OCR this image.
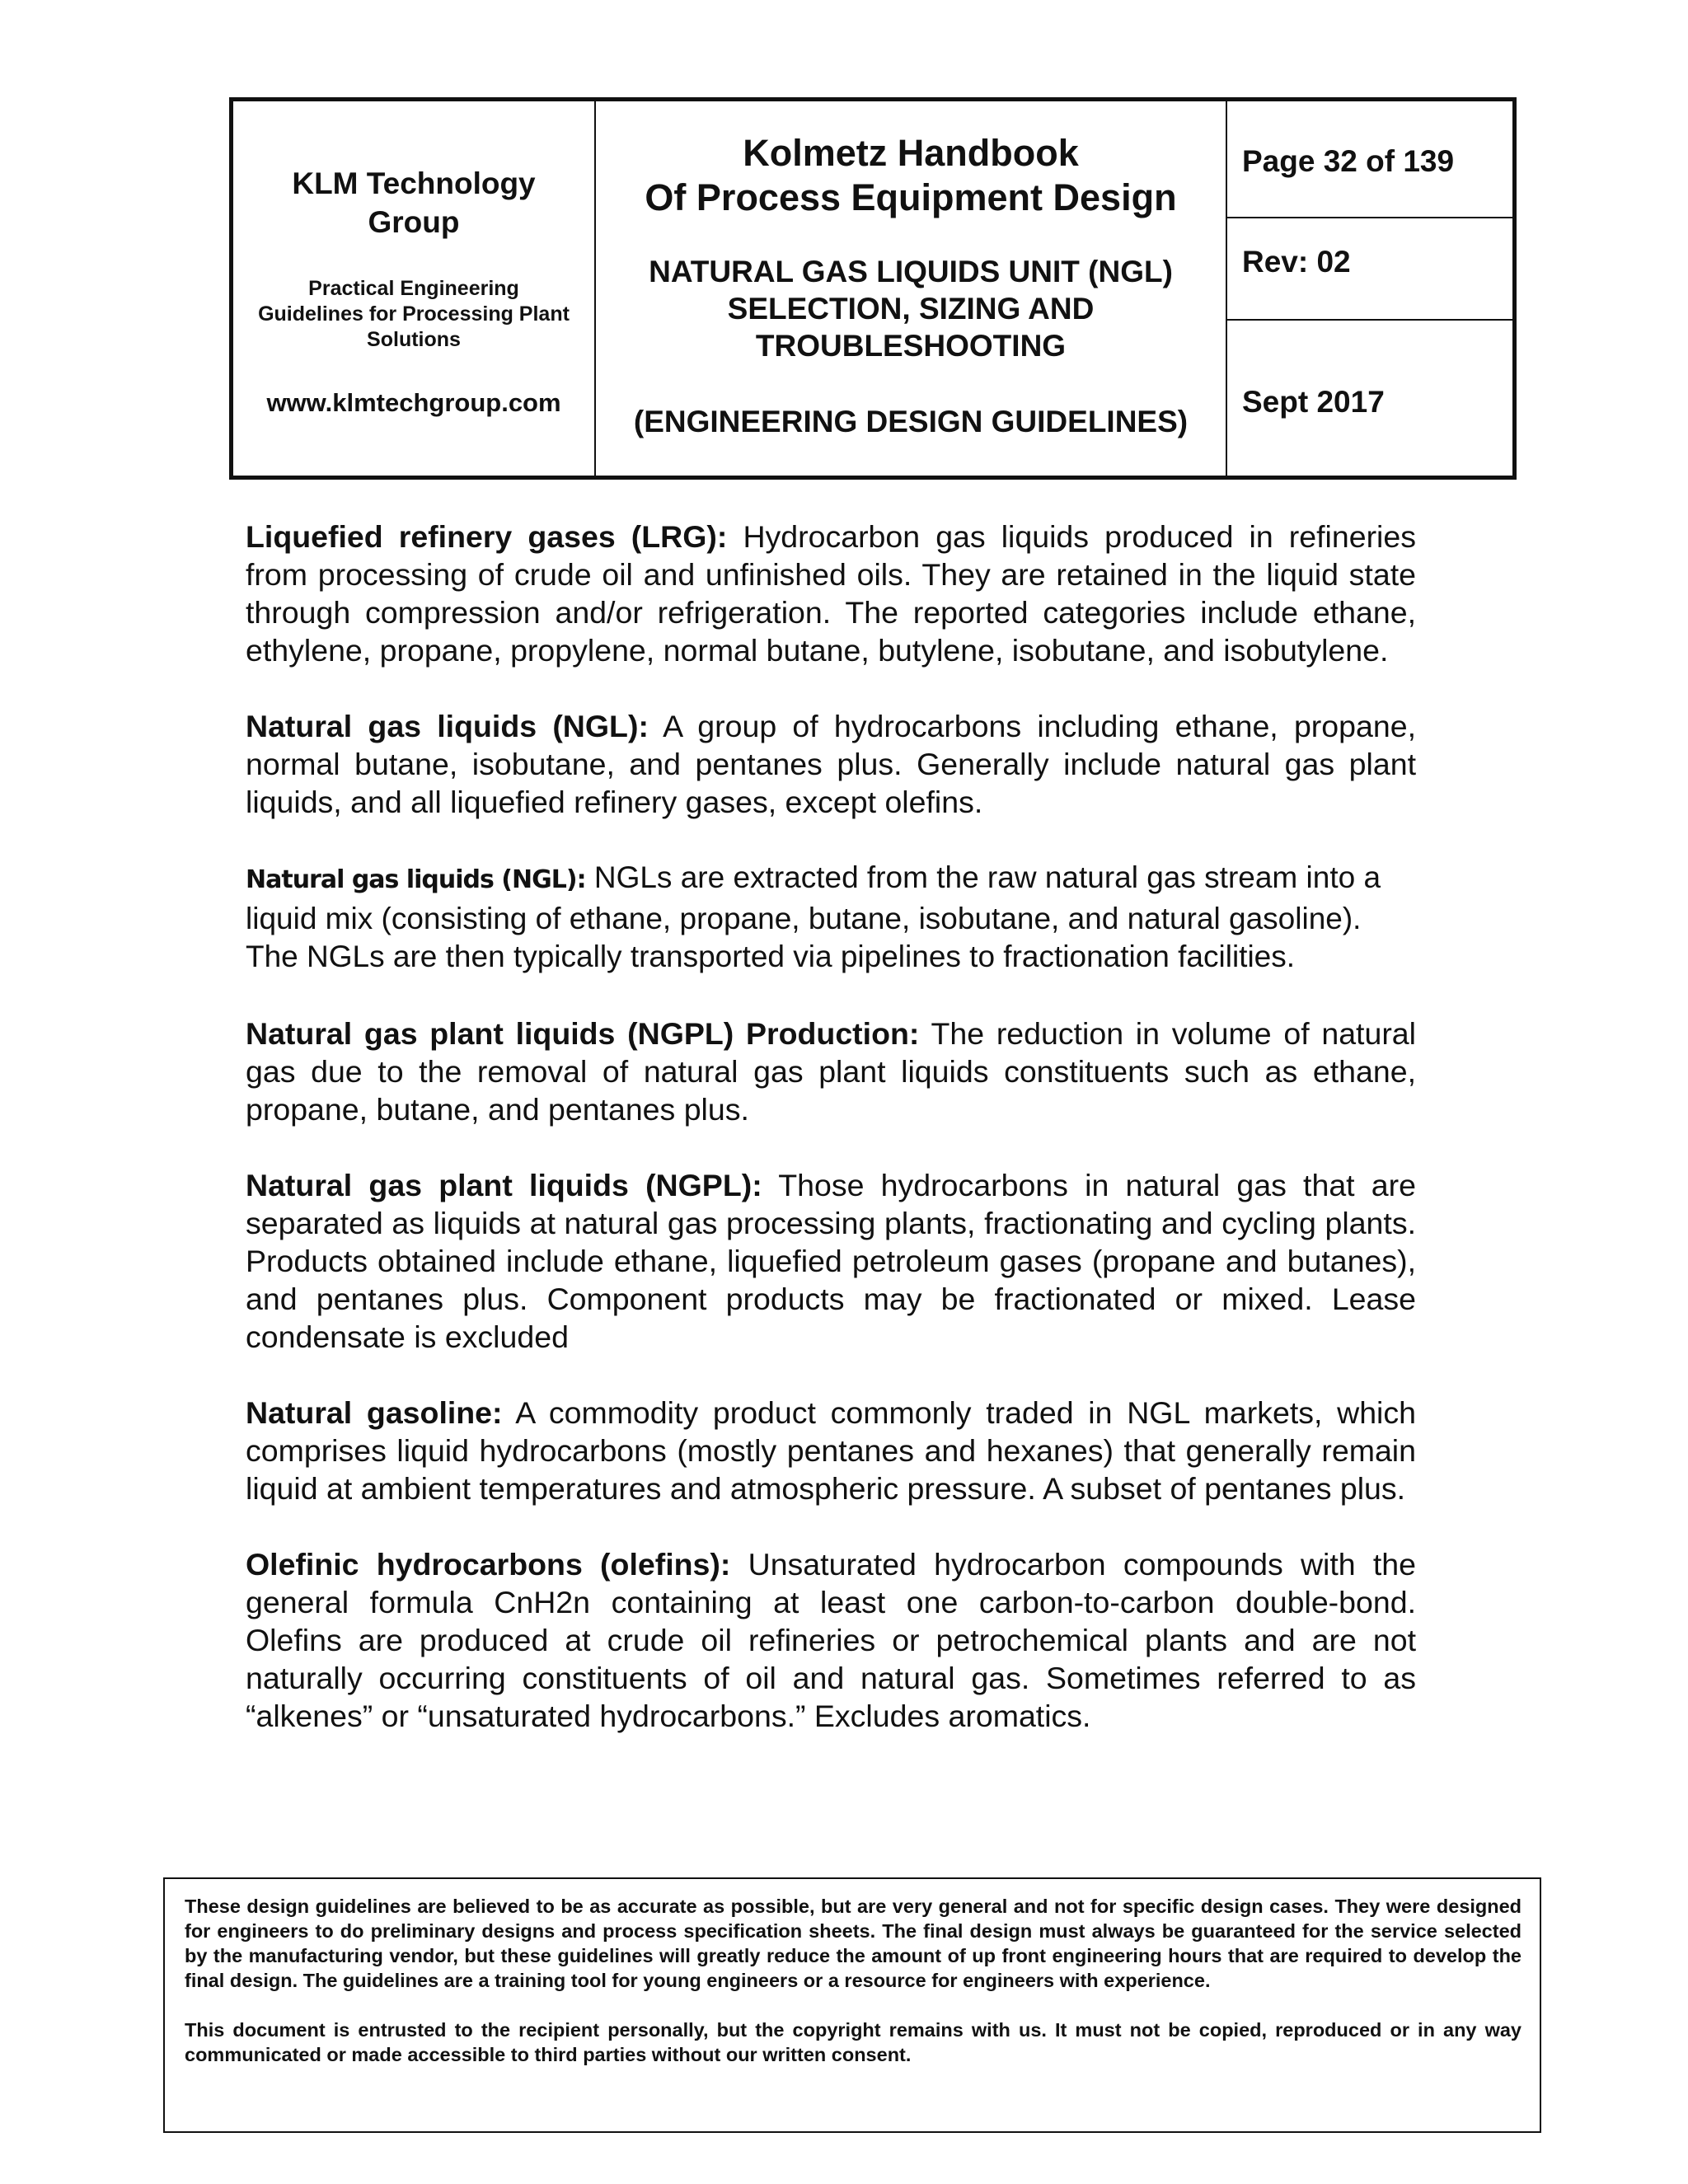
KLM Technology
Group
Practical Engineering
Guidelines for Processing Plant
Solutions
www.klmtechgroup.com
Kolmetz Handbook
Of Process Equipment Design
NATURAL GAS LIQUIDS UNIT (NGL)
SELECTION, SIZING AND
TROUBLESHOOTING
(ENGINEERING DESIGN GUIDELINES)
Page 32 of 139
Rev: 02
Sept 2017

Liquefied refinery gases (LRG): Hydrocarbon gas liquids produced in refineries from processing of crude oil and unfinished oils. They are retained in the liquid state through compression and/or refrigeration. The reported categories include ethane, ethylene, propane, propylene, normal butane, butylene, isobutane, and isobutylene.

Natural gas liquids (NGL): A group of hydrocarbons including ethane, propane, normal butane, isobutane, and pentanes plus. Generally include natural gas plant liquids, and all liquefied refinery gases, except olefins.

Natural gas liquids (NGL): NGLs are extracted from the raw natural gas stream into a liquid mix (consisting of ethane, propane, butane, isobutane, and natural gasoline). The NGLs are then typically transported via pipelines to fractionation facilities.

Natural gas plant liquids (NGPL) Production: The reduction in volume of natural gas due to the removal of natural gas plant liquids constituents such as ethane, propane, butane, and pentanes plus.

Natural gas plant liquids (NGPL): Those hydrocarbons in natural gas that are separated as liquids at natural gas processing plants, fractionating and cycling plants. Products obtained include ethane, liquefied petroleum gases (propane and butanes), and pentanes plus. Component products may be fractionated or mixed. Lease condensate is excluded

Natural gasoline: A commodity product commonly traded in NGL markets, which comprises liquid hydrocarbons (mostly pentanes and hexanes) that generally remain liquid at ambient temperatures and atmospheric pressure. A subset of pentanes plus.

Olefinic hydrocarbons (olefins): Unsaturated hydrocarbon compounds with the general formula CnH2n containing at least one carbon-to-carbon double-bond. Olefins are produced at crude oil refineries or petrochemical plants and are not naturally occurring constituents of oil and natural gas. Sometimes referred to as “alkenes” or “unsaturated hydrocarbons.” Excludes aromatics.

These design guidelines are believed to be as accurate as possible, but are very general and not for specific design cases. They were designed for engineers to do preliminary designs and process specification sheets. The final design must always be guaranteed for the service selected by the manufacturing vendor, but these guidelines will greatly reduce the amount of up front engineering hours that are required to develop the final design. The guidelines are a training tool for young engineers or a resource for engineers with experience.

This document is entrusted to the recipient personally, but the copyright remains with us. It must not be copied, reproduced or in any way communicated or made accessible to third parties without our written consent.
